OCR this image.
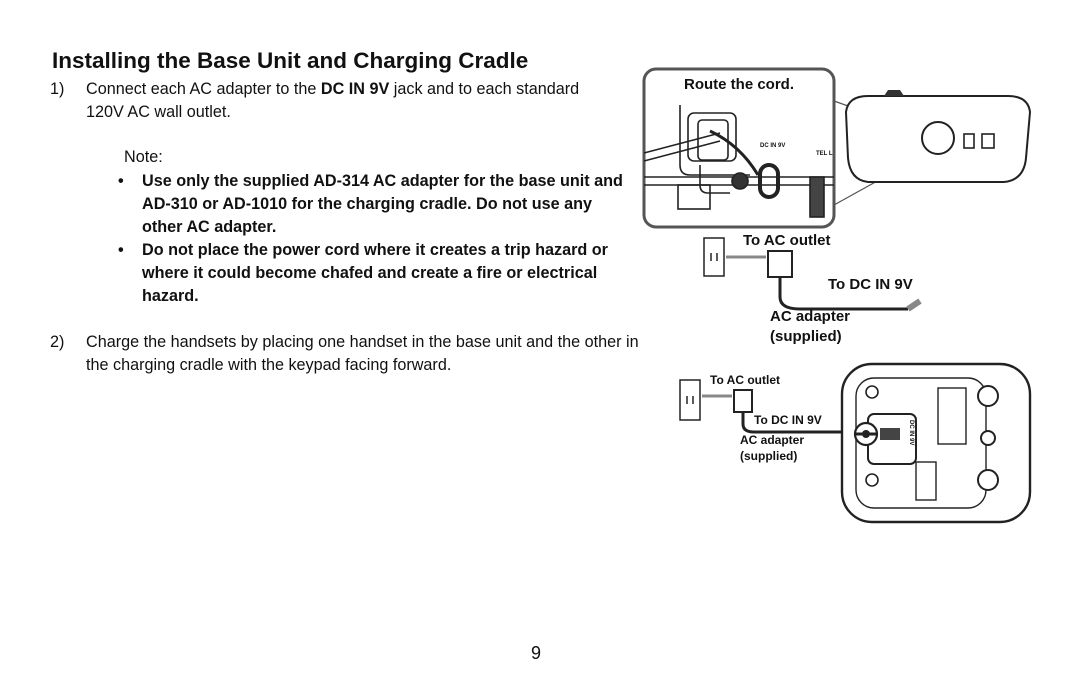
Installing the Base Unit and Charging Cradle
1)	Connect each AC adapter to the DC IN 9V jack and to each standard 120V AC wall outlet.
Note:
•	Use only the supplied AD-314 AC adapter for the base unit and AD-310 or AD-1010 for the charging cradle. Do not use any other AC adapter.
•	Do not place the power cord where it creates a trip hazard or where it could become chafed and create a fire or electrical hazard.
2)	Charge the handsets by placing one handset in the base unit and the other in the charging cradle with the keypad facing forward.
Route the cord.
DC IN 9V
TEL L
To AC outlet
To DC IN 9V
AC adapter
(supplied)
To AC outlet
To DC IN 9V
AC adapter
(supplied)
DC IN 9V
9
